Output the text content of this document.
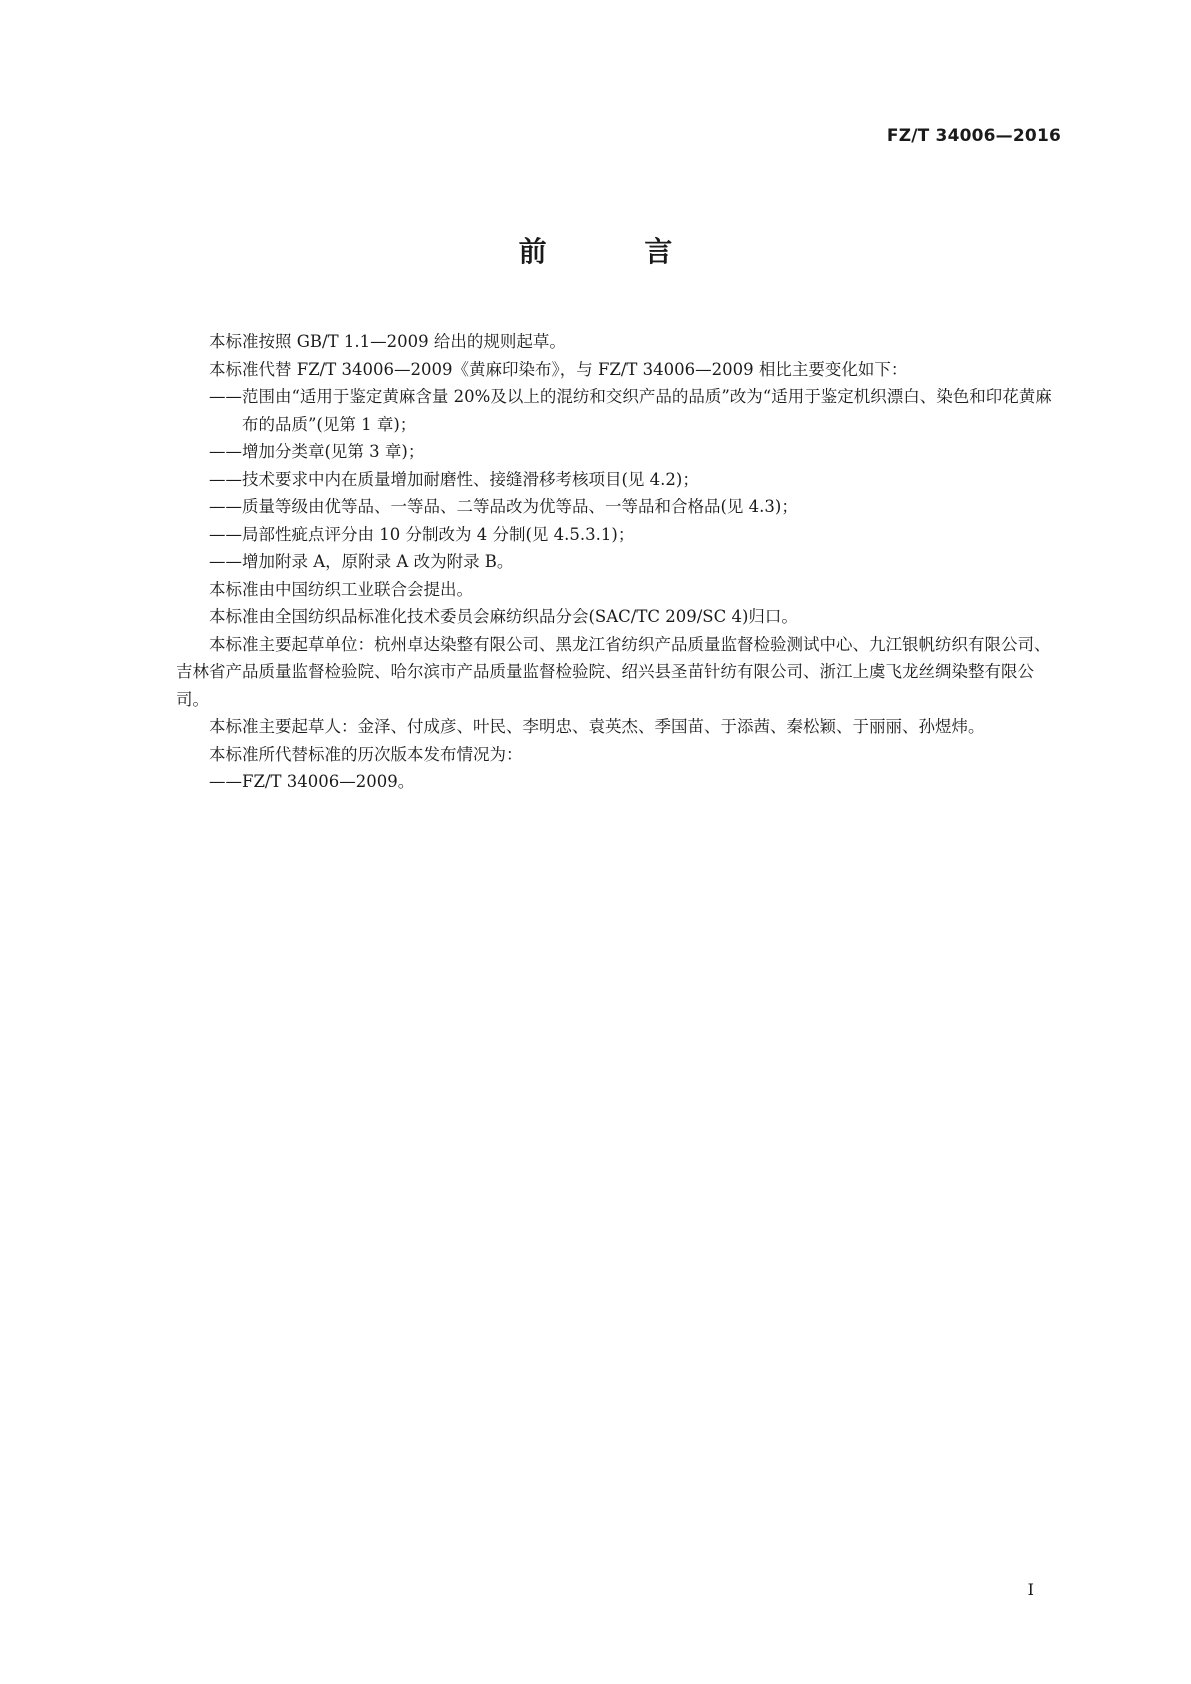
FZ/T 34006—2016
前 言

本标准按照 GB/T 1.1—2009 给出的规则起草。

本标准代替 FZ/T 34006—2009《黄麻印染布》，与 FZ/T 34006—2009 相比主要变化如下：

——范围由“适用于鉴定黄麻含量 20%及以上的混纺和交织产品的品质”改为“适用于鉴定机织漂白、染色和印花黄麻布的品质”(见第 1 章)；

——增加分类章(见第 3 章)；

——技术要求中内在质量增加耐磨性、接缝滑移考核项目(见 4.2)；

——质量等级由优等品、一等品、二等品改为优等品、一等品和合格品(见 4.3)；

——局部性疵点评分由 10 分制改为 4 分制(见 4.5.3.1)；

——增加附录 A，原附录 A 改为附录 B。

本标准由中国纺织工业联合会提出。

本标准由全国纺织品标准化技术委员会麻纺织品分会(SAC/TC 209/SC 4)归口。

本标准主要起草单位：杭州卓达染整有限公司、黑龙江省纺织产品质量监督检验测试中心、九江银帆纺织有限公司、吉林省产品质量监督检验院、哈尔滨市产品质量监督检验院、绍兴县圣苗针纺有限公司、浙江上虞飞龙丝绸染整有限公司。

本标准主要起草人：金泽、付成彦、叶民、李明忠、袁英杰、季国苗、于添茜、秦松颖、于丽丽、孙煜炜。

本标准所代替标准的历次版本发布情况为：

——FZ/T 34006—2009。

I
